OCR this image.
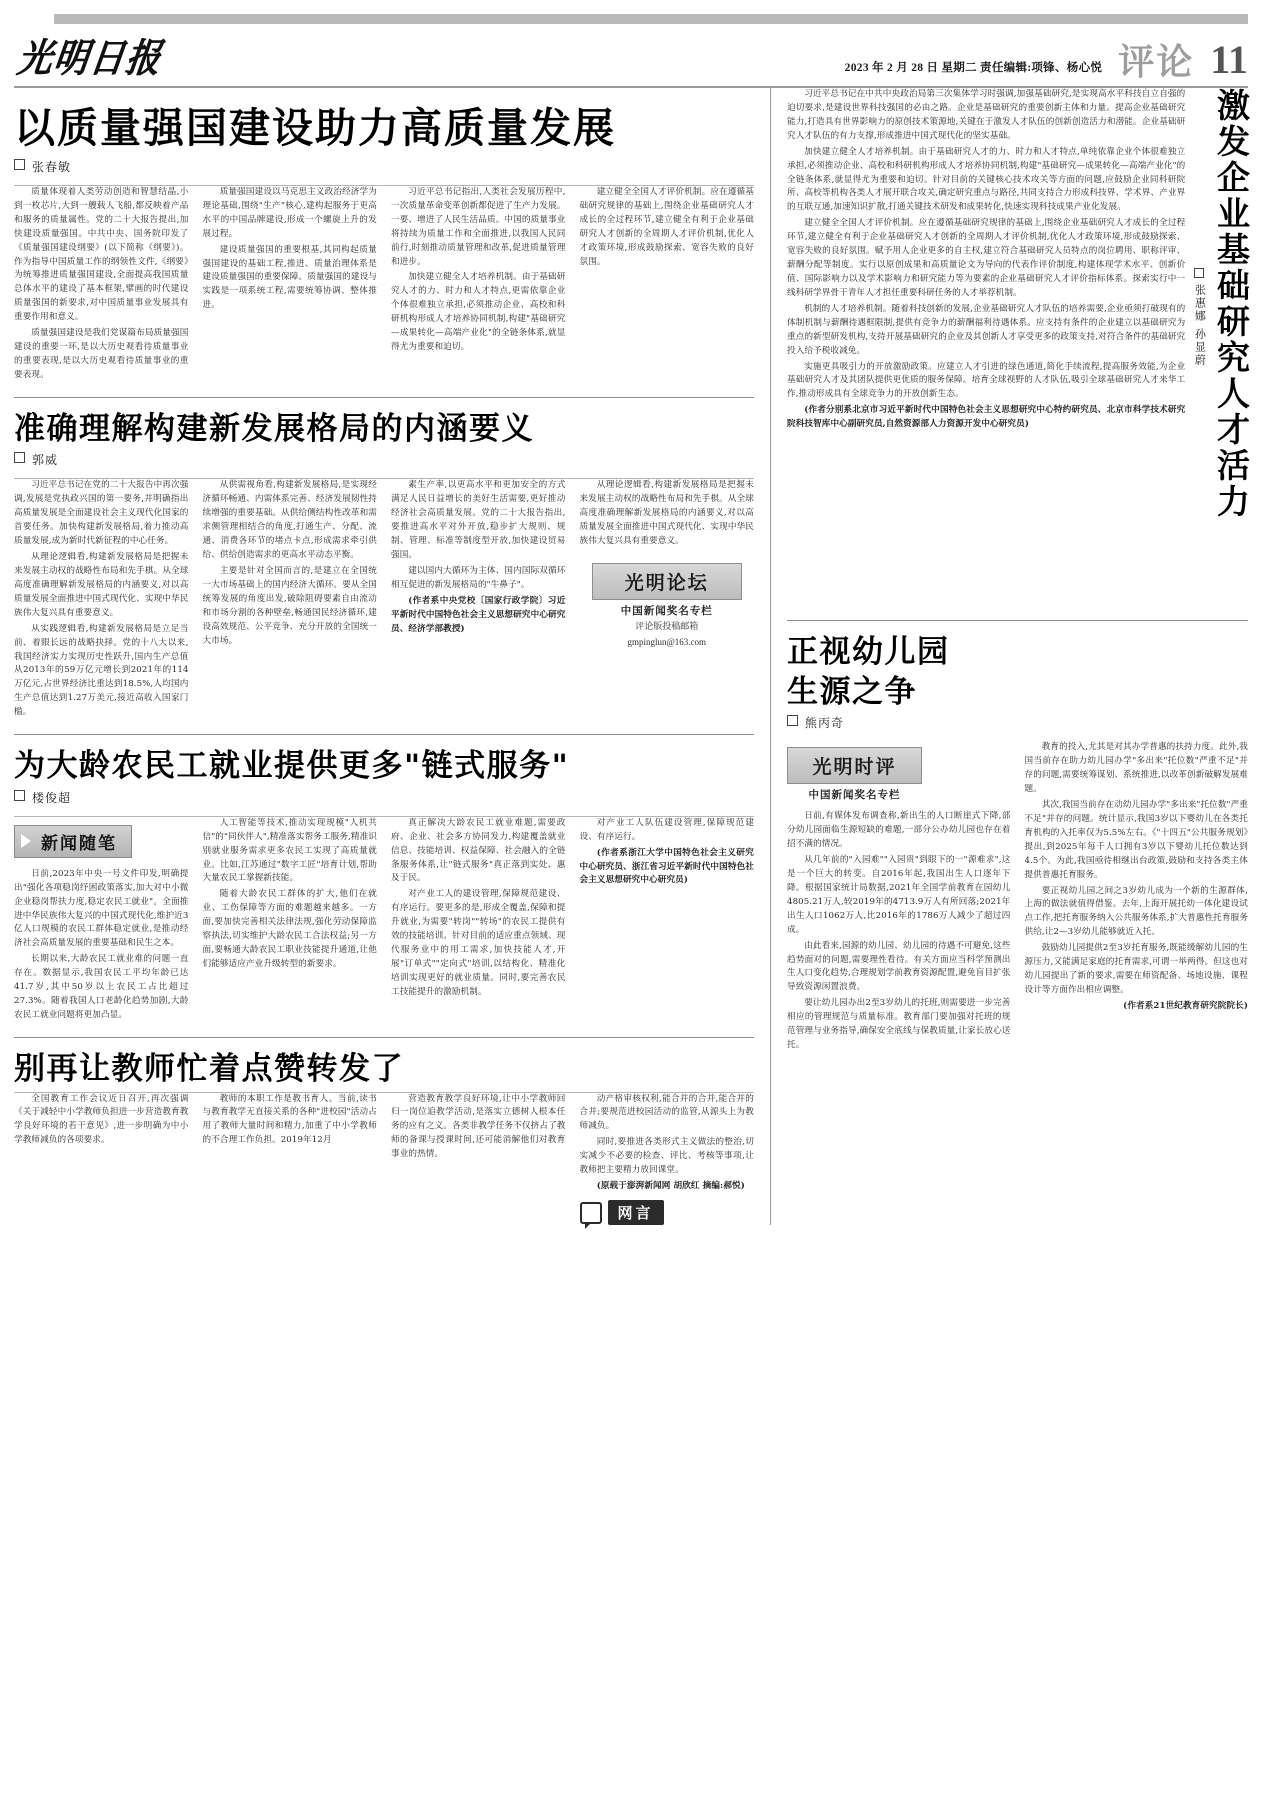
光明日报	2023 年 2 月 28 日 星期二 责任编辑:项锋、杨心悦 评论 11
以质量强国建设助力高质量发展
张春敏

质量体现着人类劳动创造和智慧结晶,小到一枚芯片,大到一艘载人飞船,都反映着产品和服务的质量属性。党的二十大报告提出,加快建设质量强国。中共中央、国务院印发了《质量强国建设纲要》(以下简称《纲要》)。作为指导中国质量工作的纲领性文件,《纲要》为统筹推进质量强国建设,全面提高我国质量总体水平的建设了基本框架,擘画的时代建设质量强国的新要求,对中国质量事业发展具有重要作用和意义。

质量强国建设是我们党谋篇布局质量强国建设的重要一环,是以大历史观看待质量事业的重要表现,是以大历史观看待质量事业的重要表现。

质量强国建设以马克思主义政治经济学为理论基础,围绕"生产"核心,建构起服务于更高水平的中国品牌建设,形成一个螺旋上升的发展过程。

建设质量强国的重要根基,其同构起质量强国建设的基础工程,推进、质量治理体系是建设质量强国的重要保障。质量强国的建设与实践是一项系统工程,需要统筹协调、整体推进。

习近平总书记指出,人类社会发展历程中,一次质量革命变革创新都促进了生产力发展。一要、增进了人民生活品质。中国的质量事业将持续为质量工作和全面推进,以我国人民同前行,时刻推动质量管理和改革,促进质量管理和进步。

加快建立健全人才培养机制。由于基础研究人才的力、时力和人才特点,更需依靠企业个体很难独立承担,必须推动企业、高校和科研机构形成人才培养协同机制,构建"基础研究—成果转化—高端产业化"的全链条体系,就显得尤为重要和迫切。

建立健全全国人才评价机制。应在遵循基础研究规律的基础上,围绕企业基础研究人才成长的全过程环节,建立健全有利于企业基础研究人才创新的全周期人才评价机制,优化人才政策环境,形成鼓励探索、宽容失败的良好氛围。

准确理解构建新发展格局的内涵要义
郭威

习近平总书记在党的二十大报告中再次强调,发展是党执政兴国的第一要务,并明确指出高质量发展是全面建设社会主义现代化国家的首要任务。加快构建新发展格局,着力推动高质量发展,成为新时代新征程的中心任务。

从理论逻辑看,构建新发展格局是把握未来发展主动权的战略性布局和先手棋。从全球高度准确理解新发展格局的内涵要义,对以高质量发展全面推进中国式现代化、实现中华民族伟大复兴具有重要意义。

从实践逻辑看,构建新发展格局是立足当前、着眼长远的战略抉择。党的十八大以来,我国经济实力实现历史性跃升,国内生产总值从2013年的59万亿元增长到2021年的114万亿元,占世界经济比重达到18.5%,人均国内生产总值达到1.27万美元,接近高收入国家门槛。

从供需视角看,构建新发展格局,是实现经济循环畅通、内需体系完善、经济发展韧性持续增强的重要基础。从供给侧结构性改革和需求侧管理相结合的角度,打通生产、分配、流通、消费各环节的堵点卡点,形成需求牵引供给、供给创造需求的更高水平动态平衡。

主要是针对全国而言的,是建立在全国统一大市场基础上的国内经济大循环。要从全国统筹发展的角度出发,破除阻碍要素自由流动和市场分割的各种壁垒,畅通国民经济循环,建设高效规范、公平竞争、充分开放的全国统一大市场。

素生产率,以更高水平和更加安全的方式满足人民日益增长的美好生活需要,更好推动经济社会高质量发展。党的二十大报告指出,要推进高水平对外开放,稳步扩大规则、规制、管理、标准等制度型开放,加快建设贸易强国。

建以国内大循环为主体、国内国际双循环相互促进的新发展格局的"牛鼻子"。

(作者系中央党校〔国家行政学院〕习近平新时代中国特色社会主义思想研究中心研究员、经济学部教授)

从理论逻辑看,构建新发展格局是把握未来发展主动权的战略性布局和先手棋。从全球高度准确理解新发展格局的内涵要义,对以高质量发展全面推进中国式现代化、实现中华民族伟大复兴具有重要意义。

光明论坛
中国新闻奖名专栏
评论版投稿邮箱
gmpinglun@163.com
为大龄农民工就业提供更多"链式服务"
楼俊超
新闻随笔

日前,2023年中央一号文件印发,明确提出"强化各项稳岗纾困政策落实,加大对中小微企业稳岗帮扶力度,稳定农民工就业"。全面推进中华民族伟大复兴的中国式现代化,维护近3亿人口规模的农民工群体稳定就业,是推动经济社会高质量发展的重要基础和民生之本。

长期以来,大龄农民工就业难的问题一直存在。数据显示,我国农民工平均年龄已达41.7岁,其中50岁以上农民工占比超过27.3%。随着我国人口老龄化趋势加剧,大龄农民工就业问题将更加凸显。

人工智能等技术,推动实现规模"人机共信"的"同伙伴人",精准落实帮务工服务,精准识别就业服务需求更多农民工实现了高质量就业。比如,江苏通过"数字工匠"培育计划,帮助大量农民工掌握新技能。

随着大龄农民工群体的扩大,他们在就业、工伤保障等方面的难题越来越多。一方面,要加快完善相关法律法规,强化劳动保障监察执法,切实维护大龄农民工合法权益;另一方面,要畅通大龄农民工职业技能提升通道,让他们能够适应产业升级转型的新要求。

真正解决大龄农民工就业难题,需要政府、企业、社会多方协同发力,构建覆盖就业信息、技能培训、权益保障、社会融入的全链条服务体系,让"链式服务"真正落到实处、惠及于民。

对产业工人的建设管理,保障规范建设、有序运行。要更多的是,形成全覆盖,保障和提升就业,为需要"转岗""转场"的农民工提供有效的技能培训。针对目前的适应重点领域、现代服务业中的用工需求,加快技能人才,开展"订单式""定向式"培训,以结构化、精准化培训实现更好的就业质量。同时,要完善农民工技能提升的激励机制。

对产业工人队伍建设管理,保障规范建设、有序运行。

(作者系浙江大学中国特色社会主义研究中心研究员、浙江省习近平新时代中国特色社会主义思想研究中心研究员)

别再让教师忙着点赞转发了

全国教育工作会议近日召开,再次强调《关于减轻中小学教师负担进一步营造教育教学良好环境的若干意见》,进一步明确为中小学教师减负的各项要求。

教师的本职工作是教书育人。当前,读书与教育教学无直接关系的各种"进校园"活动占用了教师大量时间和精力,加重了中小学教师的不合理工作负担。2019年12月

营造教育教学良好环境,让中小学教师回归一岗位追教学活动,是落实立德树人根本任务的应有之义。各类非教学任务不仅挤占了教师的备课与授课时间,还可能消解他们对教育事业的热情。

动产格审核权利,能合并的合并,能合并的合并;要规范进校园活动的监管,从源头上为教师减负。

同时,要推进各类形式主义做法的整治,切实减少不必要的检查、评比、考核等事项,让教师把主要精力放回课堂。

(原载于澎湃新闻网 胡欣红 摘编:郝悦)

网言

习近平总书记在中共中央政治局第三次集体学习时强调,加强基础研究,是实现高水平科技自立自强的迫切要求,是建设世界科技强国的必由之路。企业是基础研究的重要创新主体和力量。提高企业基础研究能力,打造具有世界影响力的原创技术策源地,关键在于激发人才队伍的创新创造活力和潜能。企业基础研究人才队伍的有力支撑,形成推进中国式现代化的坚实基础。

加快建立健全人才培养机制。由于基础研究人才的力、时力和人才特点,单纯依靠企业个体很难独立承担,必须推动企业、高校和科研机构形成人才培养协同机制,构建"基础研究—成果转化—高端产业化"的全链条体系,就显得尤为重要和迫切。针对目前的关键核心技术攻关等方面的问题,应鼓励企业同科研院所、高校等机构各类人才展开联合攻关,确定研究重点与路径,共同支持合力形成科技界、学术界、产业界的互联互通,加速知识扩散,打通关键技术研发和成果转化,快速实现科技成果产业化发展。

建立健全全国人才评价机制。应在遵循基础研究规律的基础上,围绕企业基础研究人才成长的全过程环节,建立健全有利于企业基础研究人才创新的全周期人才评价机制,优化人才政策环境,形成鼓励探索、宽容失败的良好氛围。赋予用人企业更多的自主权,建立符合基础研究人员特点的岗位聘用、职称评审、薪酬分配等制度。实行以原创成果和高质量论文为导向的代表作评价制度,构建体现学术水平、创新价值、国际影响力以及学术影响力和研究能力等为要素的企业基础研究人才评价指标体系。探索实行中一线科研学界骨干青年人才担任重要科研任务的人才举荐机制。

机制的人才培养机制。随着科技创新的发展,企业基础研究人才队伍的培养需要,企业亟须打破现有的体制机制与薪酬待遇框限制,提供有竞争力的薪酬福利待遇体系。应支持有条件的企业建立以基础研究为重点的新型研发机构,支持开展基础研究的企业及其创新人才享受更多的政策支持,对符合条件的基础研究投入给予税收减免。

实施更具吸引力的开放激励政策。应建立人才引进的绿色通道,简化手续流程,提高服务效能,为企业基础研究人才及其团队提供更优质的服务保障。培育全球视野的人才队伍,吸引全球基础研究人才来华工作,推动形成具有全球竞争力的开放创新生态。

(作者分别系北京市习近平新时代中国特色社会主义思想研究中心特约研究员、北京市科学技术研究院科技智库中心副研究员,自然资源部人力资源开发中心研究员)

张惠娜 孙显蔚 激发企业基础研究人才活力
正视幼儿园
生源之争
熊丙奇
光明时评
中国新闻奖名专栏

日前,有媒体发布调查称,新出生的人口断崖式下降,部分幼儿园面临生源短缺的难题,一部分公办幼儿园也存在着招不满的情况。

从几年前的"入园难""入园贵"到眼下的一"源难求",这是一个巨大的转变。自2016年起,我国出生人口逐年下降。根据国家统计局数据,2021年全国学前教育在园幼儿4805.21万人,较2019年的4713.9万人有所回落;2021年出生人口1062万人,比2016年的1786万人减少了超过四成。

由此看来,园源的幼儿园、幼儿园的待遇不可避免,这些趋势面对的问题,需要理性看待。有关方面应当科学预测出生人口变化趋势,合理规划学前教育资源配置,避免盲目扩张导致资源闲置浪费。

要让幼儿园办出2至3岁幼儿的托班,则需要进一步完善相应的管理规范与质量标准。教育部门要加强对托班的规范管理与业务指导,确保安全底线与保教质量,让家长放心送托。

教育的投入,尤其是对其办学普惠的扶持力度。此外,我国当前存在助力幼儿园办学"多出来"托位数"严重不足"并存的问题,需要统筹谋划、系统推进,以改革创新破解发展难题。

其次,我国当前存在动幼儿园办学"多出来"托位数"严重不足"并存的问题。统计显示,我国3岁以下婴幼儿在各类托育机构的入托率仅为5.5%左右。《"十四五"公共服务规划》提出,到2025年每千人口拥有3岁以下婴幼儿托位数达到4.5个。为此,我国亟待相继出台政策,鼓励和支持各类主体提供普惠托育服务。

要正视幼儿园之间之3岁幼儿成为一个新的生源群体,上海的做法就值得借鉴。去年,上海开展托幼一体化建设试点工作,把托育服务纳入公共服务体系,扩大普惠性托育服务供给,让2—3岁幼儿能够就近入托。

鼓励幼儿园提供2至3岁托育服务,既能缓解幼儿园的生源压力,又能满足家庭的托育需求,可谓一举两得。但这也对幼儿园提出了新的要求,需要在师资配备、场地设施、课程设计等方面作出相应调整。

(作者系21世纪教育研究院院长)
